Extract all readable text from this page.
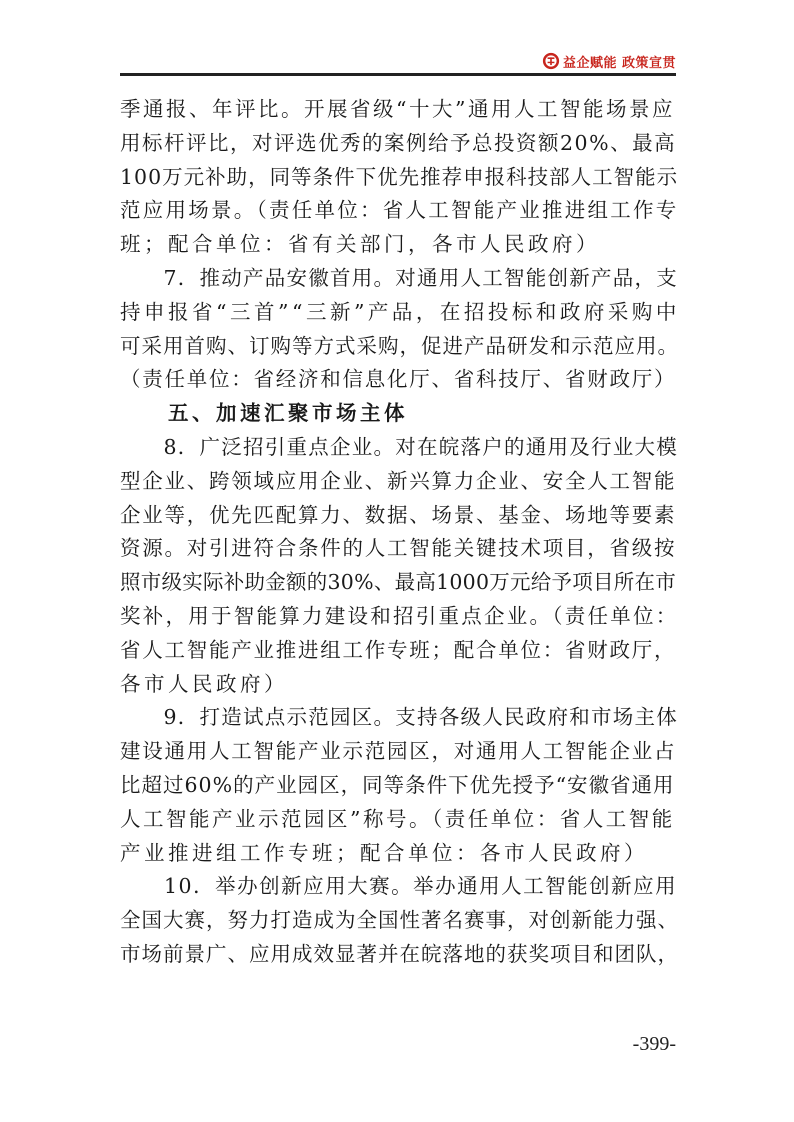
益企赋能 政策宣贯
季通报、年评比。开展省级“十大”通用人工智能场景应
用标杆评比，对评选优秀的案例给予总投资额20%、最高
100万元补助，同等条件下优先推荐申报科技部人工智能示
范应用场景。（责任单位：省人工智能产业推进组工作专
班；配合单位：省有关部门，各市人民政府）
　　7．推动产品安徽首用。对通用人工智能创新产品，支
持申报省“三首”“三新”产品，在招投标和政府采购中
可采用首购、订购等方式采购，促进产品研发和示范应用。
（责任单位：省经济和信息化厅、省科技厅、省财政厅）
　　五、加速汇聚市场主体
　　8．广泛招引重点企业。对在皖落户的通用及行业大模
型企业、跨领域应用企业、新兴算力企业、安全人工智能
企业等，优先匹配算力、数据、场景、基金、场地等要素
资源。对引进符合条件的人工智能关键技术项目，省级按
照市级实际补助金额的30%、最高1000万元给予项目所在市
奖补，用于智能算力建设和招引重点企业。（责任单位：
省人工智能产业推进组工作专班；配合单位：省财政厅，
各市人民政府）
　　9．打造试点示范园区。支持各级人民政府和市场主体
建设通用人工智能产业示范园区，对通用人工智能企业占
比超过60%的产业园区，同等条件下优先授予“安徽省通用
人工智能产业示范园区”称号。（责任单位：省人工智能
产业推进组工作专班；配合单位：各市人民政府）
　　10．举办创新应用大赛。举办通用人工智能创新应用
全国大赛，努力打造成为全国性著名赛事，对创新能力强、
市场前景广、应用成效显著并在皖落地的获奖项目和团队，
-399-
